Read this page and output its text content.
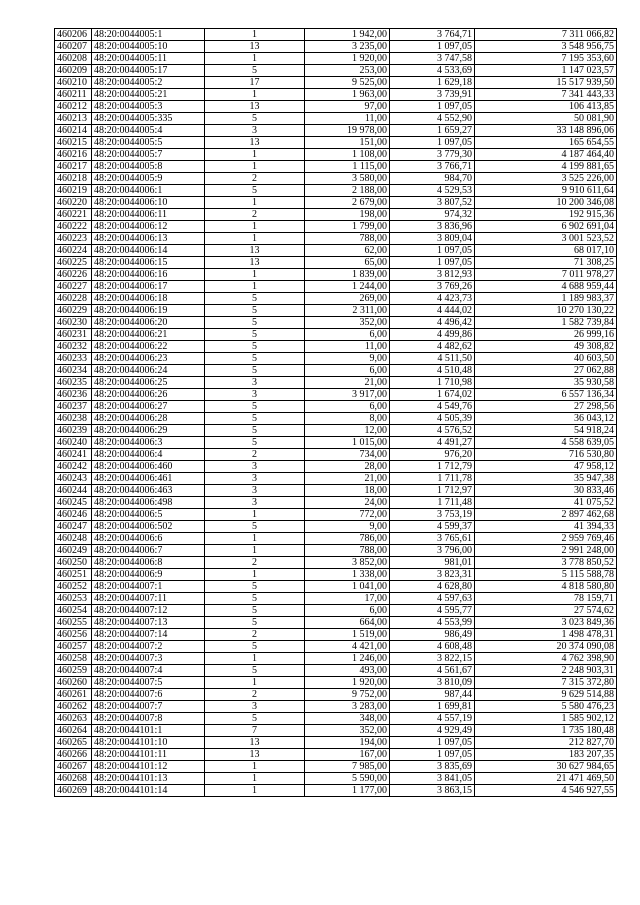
460206	48:20:0044005:1	1	1 942,00	3 764,71	7 311 066,82
460207	48:20:0044005:10	13	3 235,00	1 097,05	3 548 956,75
460208	48:20:0044005:11	1	1 920,00	3 747,58	7 195 353,60
460209	48:20:0044005:17	5	253,00	4 533,69	1 147 023,57
460210	48:20:0044005:2	17	9 525,00	1 629,18	15 517 939,50
460211	48:20:0044005:21	1	1 963,00	3 739,91	7 341 443,33
460212	48:20:0044005:3	13	97,00	1 097,05	106 413,85
460213	48:20:0044005:335	5	11,00	4 552,90	50 081,90
460214	48:20:0044005:4	3	19 978,00	1 659,27	33 148 896,06
460215	48:20:0044005:5	13	151,00	1 097,05	165 654,55
460216	48:20:0044005:7	1	1 108,00	3 779,30	4 187 464,40
460217	48:20:0044005:8	1	1 115,00	3 766,71	4 199 881,65
460218	48:20:0044005:9	2	3 580,00	984,70	3 525 226,00
460219	48:20:0044006:1	5	2 188,00	4 529,53	9 910 611,64
460220	48:20:0044006:10	1	2 679,00	3 807,52	10 200 346,08
460221	48:20:0044006:11	2	198,00	974,32	192 915,36
460222	48:20:0044006:12	1	1 799,00	3 836,96	6 902 691,04
460223	48:20:0044006:13	1	788,00	3 809,04	3 001 523,52
460224	48:20:0044006:14	13	62,00	1 097,05	68 017,10
460225	48:20:0044006:15	13	65,00	1 097,05	71 308,25
460226	48:20:0044006:16	1	1 839,00	3 812,93	7 011 978,27
460227	48:20:0044006:17	1	1 244,00	3 769,26	4 688 959,44
460228	48:20:0044006:18	5	269,00	4 423,73	1 189 983,37
460229	48:20:0044006:19	5	2 311,00	4 444,02	10 270 130,22
460230	48:20:0044006:20	5	352,00	4 496,42	1 582 739,84
460231	48:20:0044006:21	5	6,00	4 499,86	26 999,16
460232	48:20:0044006:22	5	11,00	4 482,62	49 308,82
460233	48:20:0044006:23	5	9,00	4 511,50	40 603,50
460234	48:20:0044006:24	5	6,00	4 510,48	27 062,88
460235	48:20:0044006:25	3	21,00	1 710,98	35 930,58
460236	48:20:0044006:26	3	3 917,00	1 674,02	6 557 136,34
460237	48:20:0044006:27	5	6,00	4 549,76	27 298,56
460238	48:20:0044006:28	5	8,00	4 505,39	36 043,12
460239	48:20:0044006:29	5	12,00	4 576,52	54 918,24
460240	48:20:0044006:3	5	1 015,00	4 491,27	4 558 639,05
460241	48:20:0044006:4	2	734,00	976,20	716 530,80
460242	48:20:0044006:460	3	28,00	1 712,79	47 958,12
460243	48:20:0044006:461	3	21,00	1 711,78	35 947,38
460244	48:20:0044006:463	3	18,00	1 712,97	30 833,46
460245	48:20:0044006:498	3	24,00	1 711,48	41 075,52
460246	48:20:0044006:5	1	772,00	3 753,19	2 897 462,68
460247	48:20:0044006:502	5	9,00	4 599,37	41 394,33
460248	48:20:0044006:6	1	786,00	3 765,61	2 959 769,46
460249	48:20:0044006:7	1	788,00	3 796,00	2 991 248,00
460250	48:20:0044006:8	2	3 852,00	981,01	3 778 850,52
460251	48:20:0044006:9	1	1 338,00	3 823,31	5 115 588,78
460252	48:20:0044007:1	5	1 041,00	4 628,80	4 818 580,80
460253	48:20:0044007:11	5	17,00	4 597,63	78 159,71
460254	48:20:0044007:12	5	6,00	4 595,77	27 574,62
460255	48:20:0044007:13	5	664,00	4 553,99	3 023 849,36
460256	48:20:0044007:14	2	1 519,00	986,49	1 498 478,31
460257	48:20:0044007:2	5	4 421,00	4 608,48	20 374 090,08
460258	48:20:0044007:3	1	1 246,00	3 822,15	4 762 398,90
460259	48:20:0044007:4	5	493,00	4 561,67	2 248 903,31
460260	48:20:0044007:5	1	1 920,00	3 810,09	7 315 372,80
460261	48:20:0044007:6	2	9 752,00	987,44	9 629 514,88
460262	48:20:0044007:7	3	3 283,00	1 699,81	5 580 476,23
460263	48:20:0044007:8	5	348,00	4 557,19	1 585 902,12
460264	48:20:0044101:1	7	352,00	4 929,49	1 735 180,48
460265	48:20:0044101:10	13	194,00	1 097,05	212 827,70
460266	48:20:0044101:11	13	167,00	1 097,05	183 207,35
460267	48:20:0044101:12	1	7 985,00	3 835,69	30 627 984,65
460268	48:20:0044101:13	1	5 590,00	3 841,05	21 471 469,50
460269	48:20:0044101:14	1	1 177,00	3 863,15	4 546 927,55
